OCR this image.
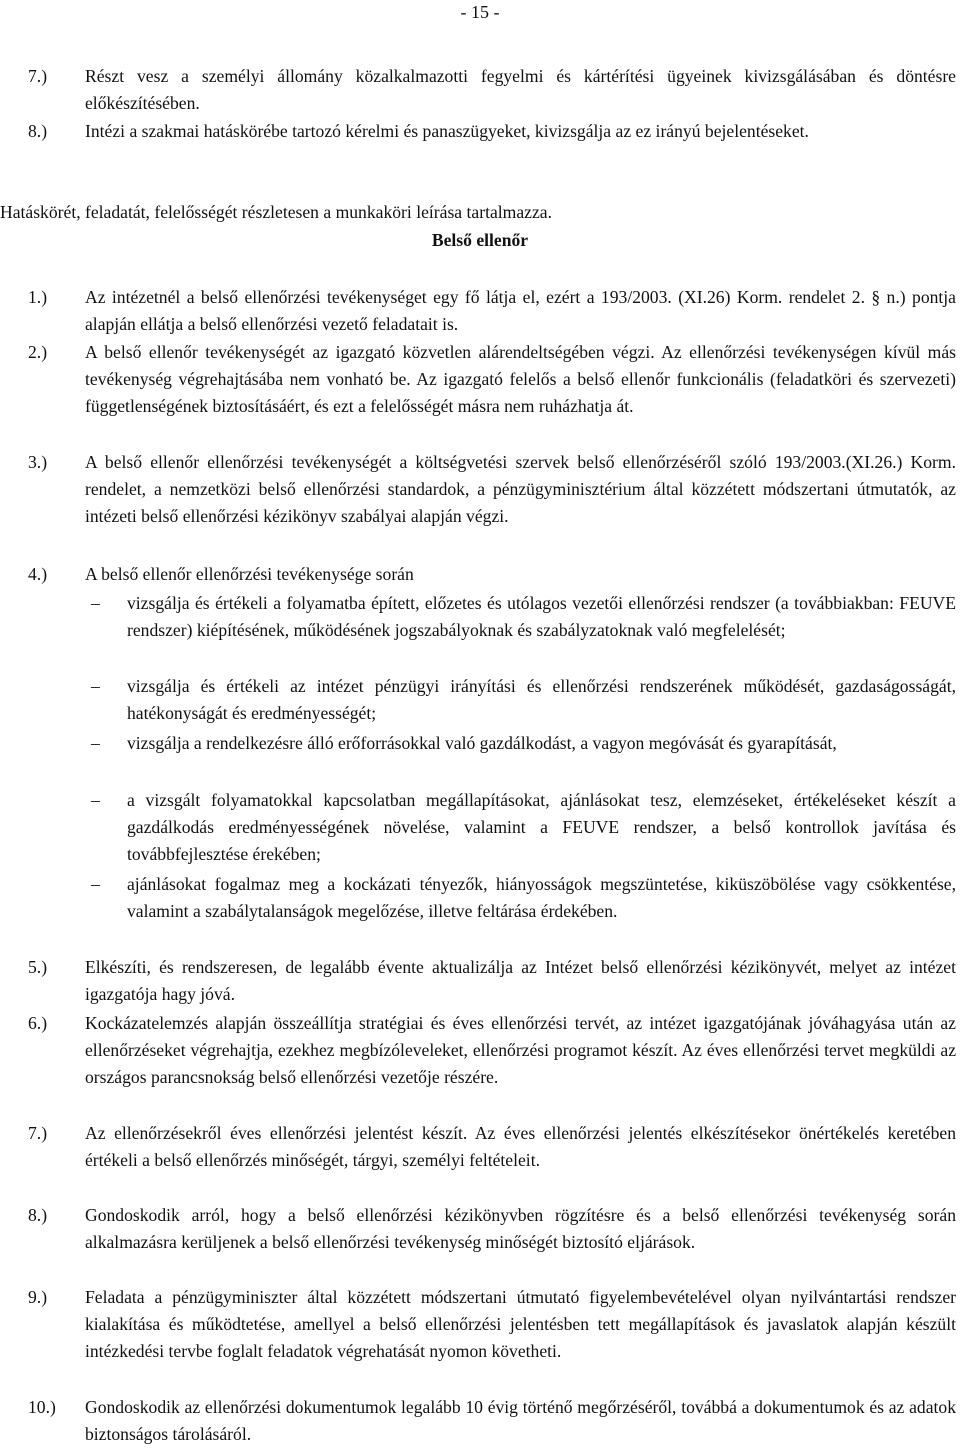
- 15 -
7.) Részt vesz a személyi állomány közalkalmazotti fegyelmi és kártérítési ügyeinek kivizsgálásában és döntésre előkészítésében.
8.) Intézi a szakmai hatáskörébe tartozó kérelmi és panaszügyeket, kivizsgálja az ez irányú bejelentéseket.
Hatáskörét, feladatát, felelősségét részletesen a munkaköri leírása tartalmazza.
Belső ellenőr
1.) Az intézetnél a belső ellenőrzési tevékenységet egy fő látja el, ezért a 193/2003. (XI.26) Korm. rendelet 2. § n.) pontja alapján ellátja a belső ellenőrzési vezető feladatait is.
2.) A belső ellenőr tevékenységét az igazgató közvetlen alárendeltségében végzi. Az ellenőrzési tevékenységen kívül más tevékenység végrehajtásába nem vonható be. Az igazgató felelős a belső ellenőr funkcionális (feladatköri és szervezeti) függetlenségének biztosításáért, és ezt a felelősségét másra nem ruházhatja át.
3.) A belső ellenőr ellenőrzési tevékenységét a költségvetési szervek belső ellenőrzéséről szóló 193/2003.(XI.26.) Korm. rendelet, a nemzetközi belső ellenőrzési standardok, a pénzügyminisztérium által közzétett módszertani útmutatók, az intézeti belső ellenőrzési kézikönyv szabályai alapján végzi.
4.) A belső ellenőr ellenőrzési tevékenysége során
– vizsgálja és értékeli a folyamatba épített, előzetes és utólagos vezetői ellenőrzési rendszer (a továbbiakban: FEUVE rendszer) kiépítésének, működésének jogszabályoknak és szabályzatoknak való megfelelését;
– vizsgálja és értékeli az intézet pénzügyi irányítási és ellenőrzési rendszerének működését, gazdaságosságát, hatékonyságát és eredményességét;
– vizsgálja a rendelkezésre álló erőforrásokkal való gazdálkodást, a vagyon megóvását és gyarapítását,
– a vizsgált folyamatokkal kapcsolatban megállapításokat, ajánlásokat tesz, elemzéseket, értékeléseket készít a gazdálkodás eredményességének növelése, valamint a FEUVE rendszer, a belső kontrollok javítása és továbbfejlesztése érekében;
– ajánlásokat fogalmaz meg a kockázati tényezők, hiányosságok megszüntetése, kiküszöbölése vagy csökkentése, valamint a szabálytalanságok megelőzése, illetve feltárása érdekében.
5.) Elkészíti, és rendszeresen, de legalább évente aktualizálja az Intézet belső ellenőrzési kézikönyvét, melyet az intézet igazgatója hagy jóvá.
6.) Kockázatelemzés alapján összeállítja stratégiai és éves ellenőrzési tervét, az intézet igazgatójának jóváhagyása után az ellenőrzéseket végrehajtja, ezekhez megbízóleveleket, ellenőrzési programot készít. Az éves ellenőrzési tervet megküldi az országos parancsnokság belső ellenőrzési vezetője részére.
7.) Az ellenőrzésekről éves ellenőrzési jelentést készít. Az éves ellenőrzési jelentés elkészítésekor önértékelés keretében értékeli a belső ellenőrzés minőségét, tárgyi, személyi feltételeit.
8.) Gondoskodik arról, hogy a belső ellenőrzési kézikönyvben rögzítésre és a belső ellenőrzési tevékenység során alkalmazásra kerüljenek a belső ellenőrzési tevékenység minőségét biztosító eljárások.
9.) Feladata a pénzügyminiszter által közzétett módszertani útmutató figyelembevételével olyan nyilvántartási rendszer kialakítása és működtetése, amellyel a belső ellenőrzési jelentésben tett megállapítások és javaslatok alapján készült intézkedési tervbe foglalt feladatok végrehatását nyomon követheti.
10.) Gondoskodik az ellenőrzési dokumentumok legalább 10 évig történő megőrzéséről, továbbá a dokumentumok és az adatok biztonságos tárolásáról.
